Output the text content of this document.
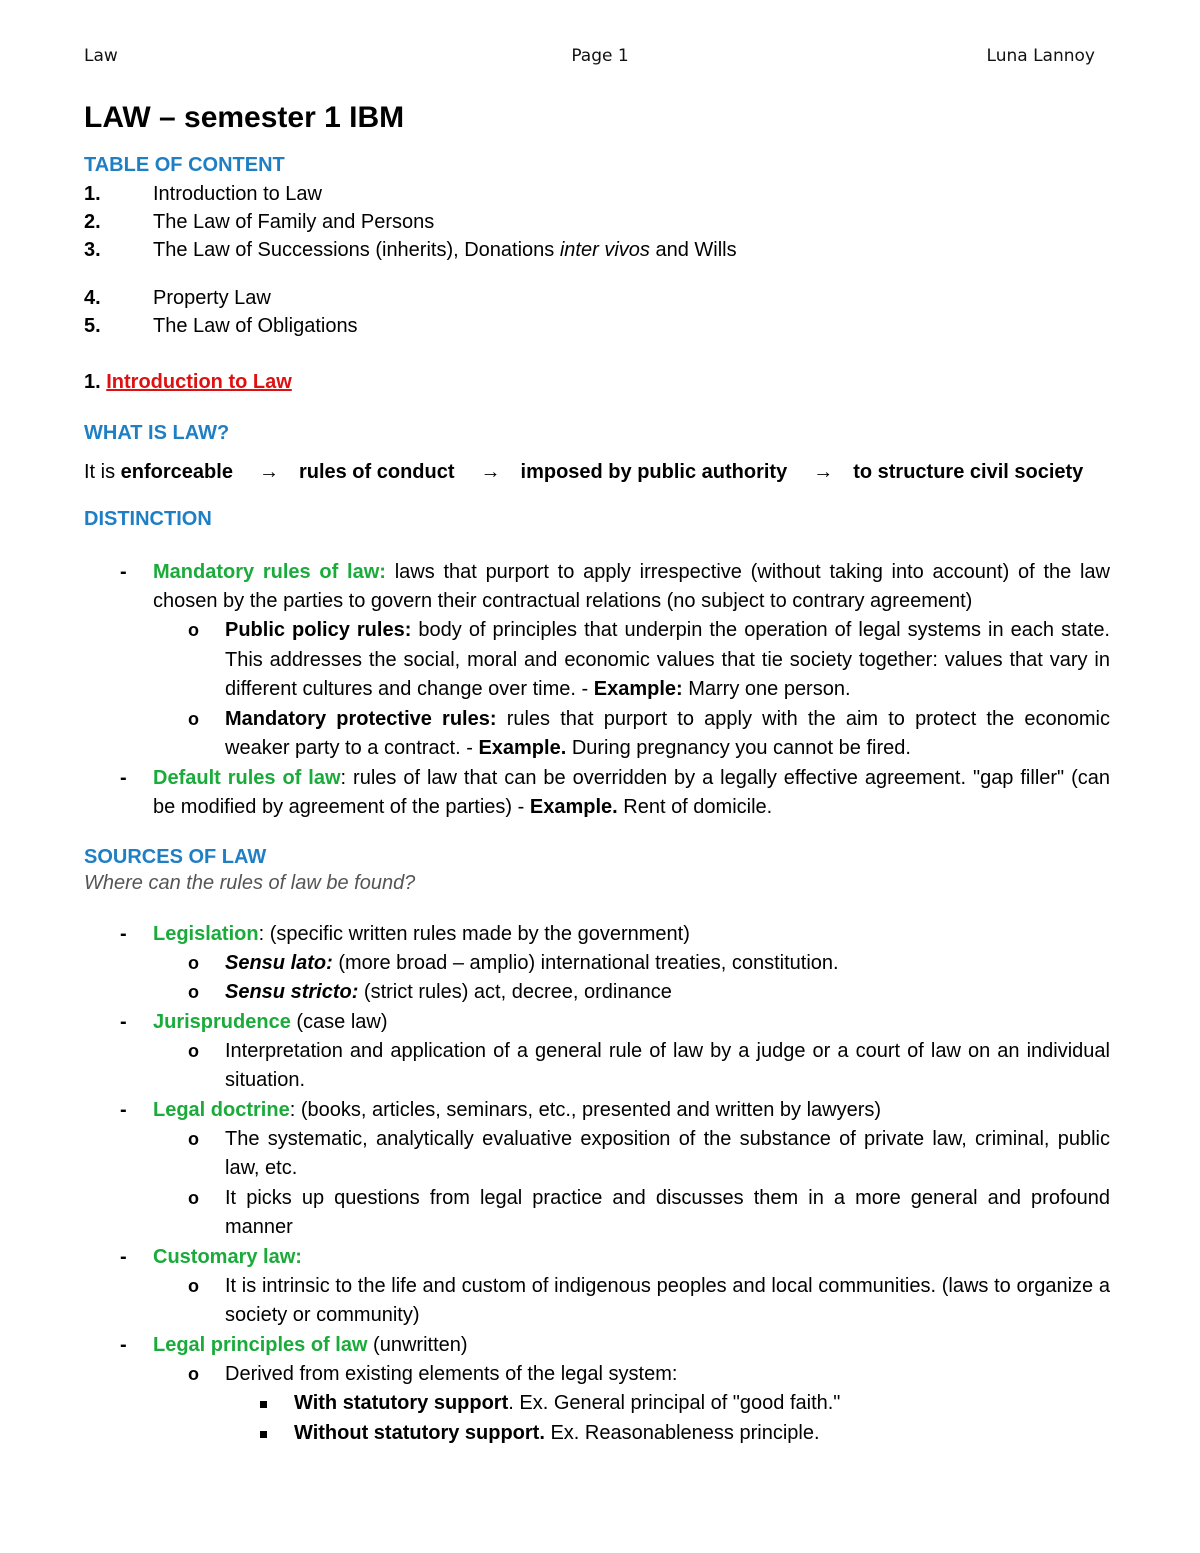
Law	Page 1	Luna Lannoy
LAW – semester 1 IBM
TABLE OF CONTENT
1.	Introduction to Law
2.	The Law of Family and Persons
3.	The Law of Successions (inherits), Donations inter vivos and Wills
4.	Property Law
5.	The Law of Obligations
1. Introduction to Law
WHAT IS LAW?
It is enforceable → rules of conduct → imposed by public authority → to structure civil society
DISTINCTION
- Mandatory rules of law: laws that purport to apply irrespective (without taking into account) of the law chosen by the parties to govern their contractual relations (no subject to contrary agreement)
o Public policy rules: body of principles that underpin the operation of legal systems in each state. This addresses the social, moral and economic values that tie society together: values that vary in different cultures and change over time. - Example: Marry one person.
o Mandatory protective rules: rules that purport to apply with the aim to protect the economic weaker party to a contract. - Example. During pregnancy you cannot be fired.
- Default rules of law: rules of law that can be overridden by a legally effective agreement. "gap filler" (can be modified by agreement of the parties) - Example. Rent of domicile.
SOURCES OF LAW
Where can the rules of law be found?
- Legislation: (specific written rules made by the government)
o Sensu lato: (more broad – amplio) international treaties, constitution.
o Sensu stricto: (strict rules) act, decree, ordinance
- Jurisprudence (case law)
o Interpretation and application of a general rule of law by a judge or a court of law on an individual situation.
- Legal doctrine: (books, articles, seminars, etc., presented and written by lawyers)
o The systematic, analytically evaluative exposition of the substance of private law, criminal, public law, etc.
o It picks up questions from legal practice and discusses them in a more general and profound manner
- Customary law:
o It is intrinsic to the life and custom of indigenous peoples and local communities. (laws to organize a society or community)
- Legal principles of law (unwritten)
o Derived from existing elements of the legal system:
With statutory support. Ex. General principal of "good faith."
Without statutory support. Ex. Reasonableness principle.
